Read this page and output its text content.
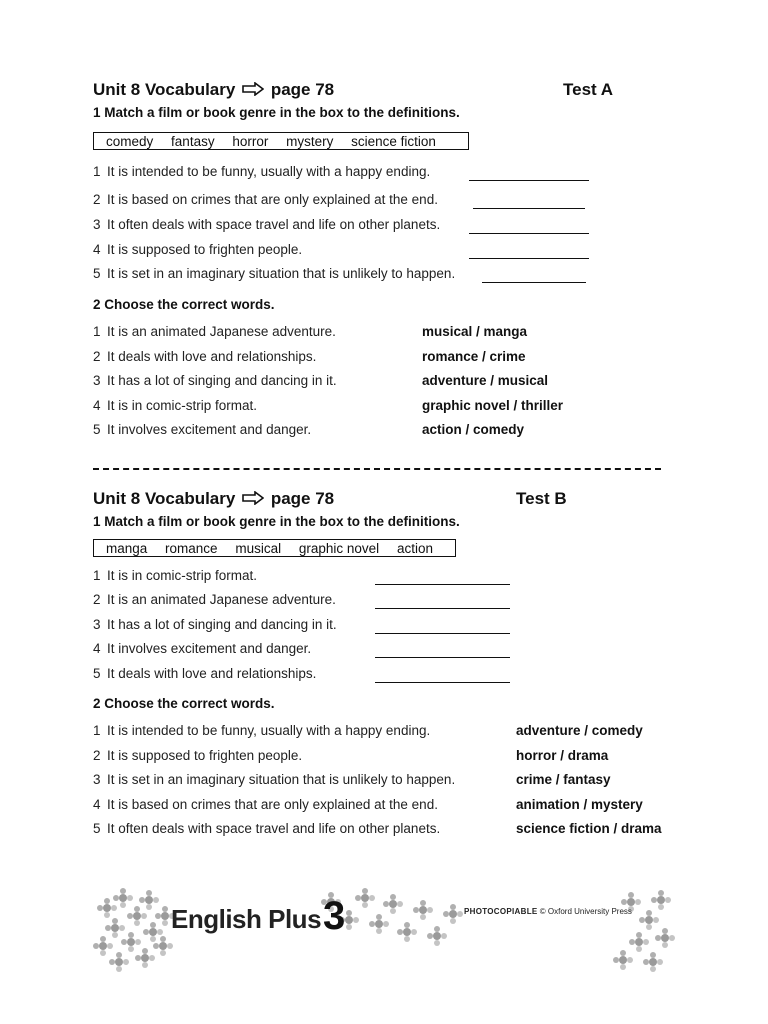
Unit 8 Vocabulary page 78	Test A
1 Match a film or book genre in the box to the definitions.
comedy fantasy horror mystery science fiction
1 It is intended to be funny, usually with a happy ending.
2 It is based on crimes that are only explained at the end.
3 It often deals with space travel and life on other planets.
4 It is supposed to frighten people.
5 It is set in an imaginary situation that is unlikely to happen.
2 Choose the correct words.
1 It is an animated Japanese adventure.	musical / manga
2 It deals with love and relationships.	romance / crime
3 It has a lot of singing and dancing in it.	adventure / musical
4 It is in comic-strip format.	graphic novel / thriller
5 It involves excitement and danger.	action / comedy
Unit 8 Vocabulary page 78	Test B
1 Match a film or book genre in the box to the definitions.
manga romance musical graphic novel action
1 It is in comic-strip format.
2 It is an animated Japanese adventure.
3 It has a lot of singing and dancing in it.
4 It involves excitement and danger.
5 It deals with love and relationships.
2 Choose the correct words.
1 It is intended to be funny, usually with a happy ending.	adventure / comedy
2 It is supposed to frighten people.	horror / drama
3 It is set in an imaginary situation that is unlikely to happen.	crime / fantasy
4 It is based on crimes that are only explained at the end.	animation / mystery
5 It often deals with space travel and life on other planets.	science fiction / drama
English Plus 3	PHOTOCOPIABLE © Oxford University Press
